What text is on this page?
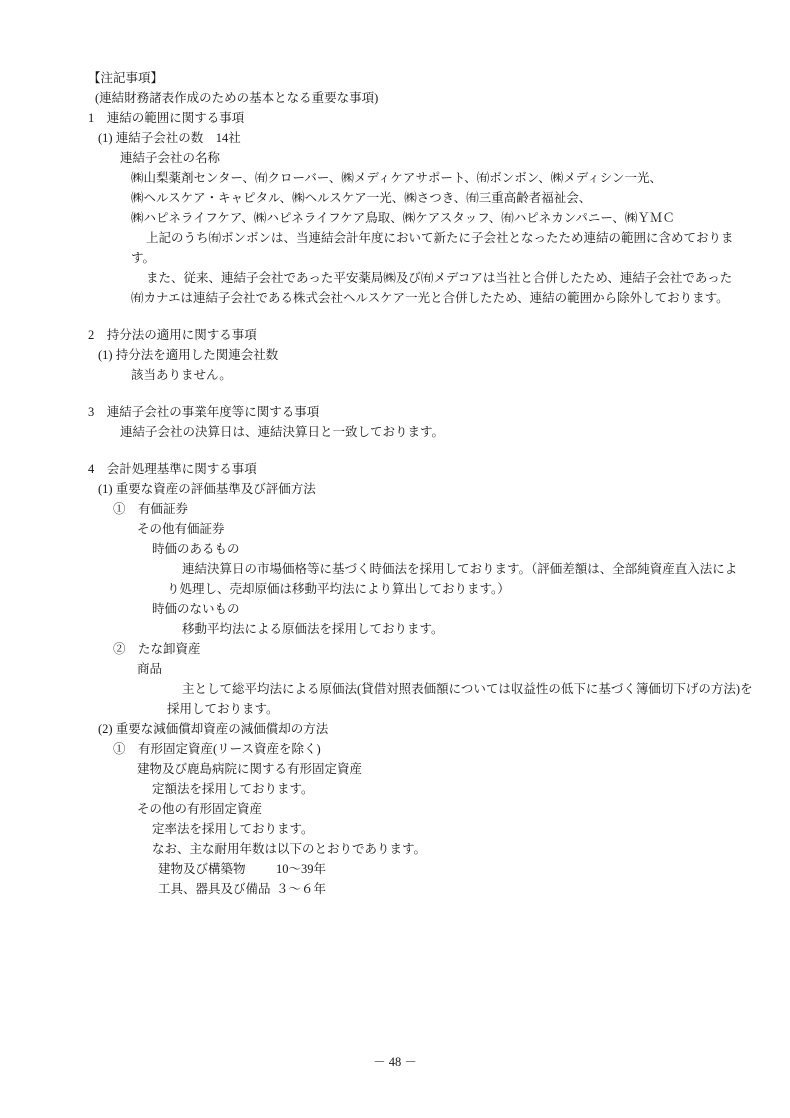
【注記事項】
(連結財務諸表作成のための基本となる重要な事項)
1　連結の範囲に関する事項
(1) 連結子会社の数　14社
連結子会社の名称
㈱山梨薬剤センター、㈲クローバー、㈱メディケアサポート、㈲ボンボン、㈱メディシン一光、
㈱ヘルスケア・キャピタル、㈱ヘルスケア一光、㈱さつき、㈲三重高齢者福祉会、
㈱ハピネライフケア、㈱ハピネライフケア鳥取、㈱ケアスタッフ、㈲ハピネカンパニー、㈱ＹＭＣ
上記のうち㈲ボンボンは、当連結会計年度において新たに子会社となったため連結の範囲に含めておりま
す。
また、従来、連結子会社であった平安薬局㈱及び㈲メデコアは当社と合併したため、連結子会社であった
㈲カナエは連結子会社である株式会社ヘルスケア一光と合併したため、連結の範囲から除外しております。
2　持分法の適用に関する事項
(1) 持分法を適用した関連会社数
該当ありません。
3　連結子会社の事業年度等に関する事項
連結子会社の決算日は、連結決算日と一致しております。
4　会計処理基準に関する事項
(1) 重要な資産の評価基準及び評価方法
①　有価証券
その他有価証券
時価のあるもの
連結決算日の市場価格等に基づく時価法を採用しております。（評価差額は、全部純資産直入法によ
り処理し、売却原価は移動平均法により算出しております。）
時価のないもの
移動平均法による原価法を採用しております。
②　たな卸資産
商品
主として総平均法による原価法(貸借対照表価額については収益性の低下に基づく簿価切下げの方法)を
採用しております。
(2) 重要な減価償却資産の減価償却の方法
①　有形固定資産(リース資産を除く)
建物及び鹿島病院に関する有形固定資産
定額法を採用しております。
その他の有形固定資産
定率法を採用しております。
なお、主な耐用年数は以下のとおりであります。
建物及び構築物 10～39年
工具、器具及び備品 ３～６年
－ 48 －
